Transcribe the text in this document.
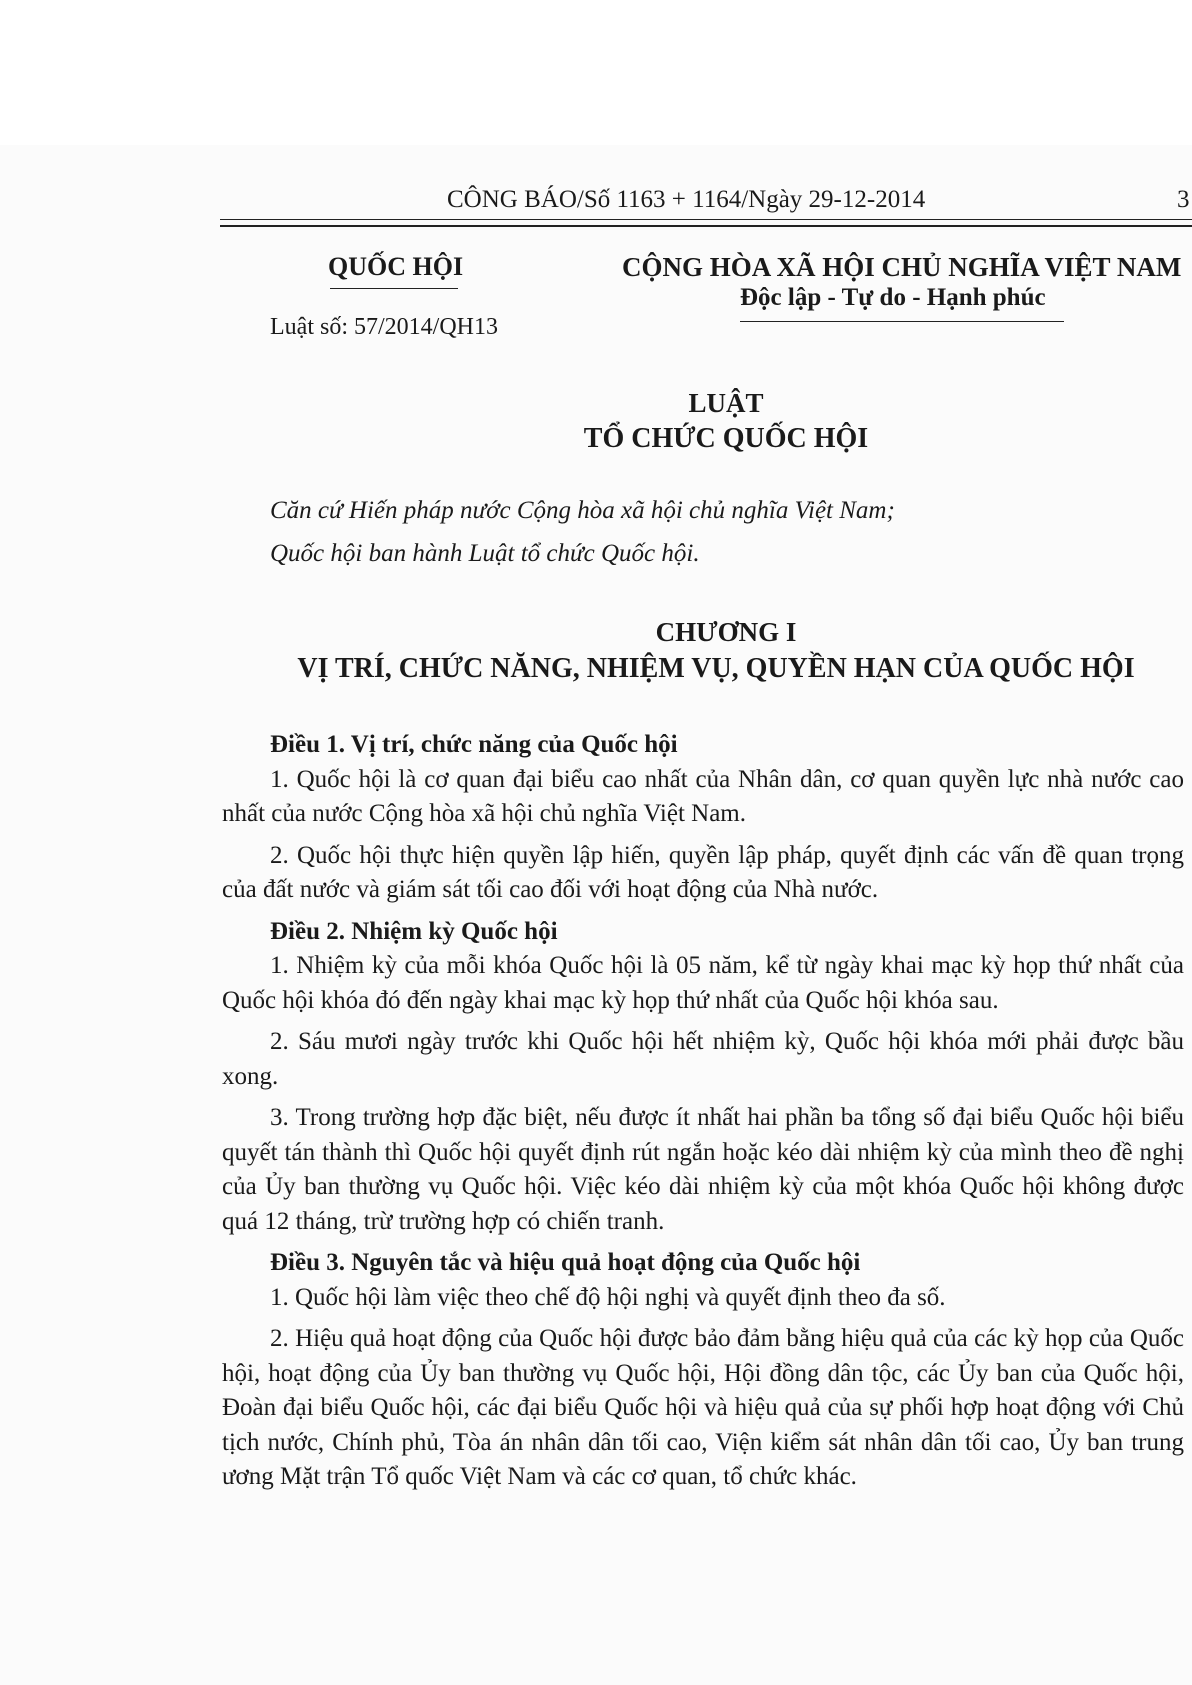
CÔNG BÁO/Số 1163 + 1164/Ngày 29-12-2014	3
QUỐC HỘI
Luật số: 57/2014/QH13
CỘNG HÒA XÃ HỘI CHỦ NGHĨA VIỆT NAM
Độc lập - Tự do - Hạnh phúc
LUẬT
TỔ CHỨC QUỐC HỘI
Căn cứ Hiến pháp nước Cộng hòa xã hội chủ nghĩa Việt Nam;
Quốc hội ban hành Luật tổ chức Quốc hội.
CHƯƠNG I
VỊ TRÍ, CHỨC NĂNG, NHIỆM VỤ, QUYỀN HẠN CỦA QUỐC HỘI

Điều 1. Vị trí, chức năng của Quốc hội

1. Quốc hội là cơ quan đại biểu cao nhất của Nhân dân, cơ quan quyền lực nhà nước cao nhất của nước Cộng hòa xã hội chủ nghĩa Việt Nam.

2. Quốc hội thực hiện quyền lập hiến, quyền lập pháp, quyết định các vấn đề quan trọng của đất nước và giám sát tối cao đối với hoạt động của Nhà nước.

Điều 2. Nhiệm kỳ Quốc hội

1. Nhiệm kỳ của mỗi khóa Quốc hội là 05 năm, kể từ ngày khai mạc kỳ họp thứ nhất của Quốc hội khóa đó đến ngày khai mạc kỳ họp thứ nhất của Quốc hội khóa sau.

2. Sáu mươi ngày trước khi Quốc hội hết nhiệm kỳ, Quốc hội khóa mới phải được bầu xong.

3. Trong trường hợp đặc biệt, nếu được ít nhất hai phần ba tổng số đại biểu Quốc hội biểu quyết tán thành thì Quốc hội quyết định rút ngắn hoặc kéo dài nhiệm kỳ của mình theo đề nghị của Ủy ban thường vụ Quốc hội. Việc kéo dài nhiệm kỳ của một khóa Quốc hội không được quá 12 tháng, trừ trường hợp có chiến tranh.

Điều 3. Nguyên tắc và hiệu quả hoạt động của Quốc hội

1. Quốc hội làm việc theo chế độ hội nghị và quyết định theo đa số.

2. Hiệu quả hoạt động của Quốc hội được bảo đảm bằng hiệu quả của các kỳ họp của Quốc hội, hoạt động của Ủy ban thường vụ Quốc hội, Hội đồng dân tộc, các Ủy ban của Quốc hội, Đoàn đại biểu Quốc hội, các đại biểu Quốc hội và hiệu quả của sự phối hợp hoạt động với Chủ tịch nước, Chính phủ, Tòa án nhân dân tối cao, Viện kiểm sát nhân dân tối cao, Ủy ban trung ương Mặt trận Tổ quốc Việt Nam và các cơ quan, tổ chức khác.
